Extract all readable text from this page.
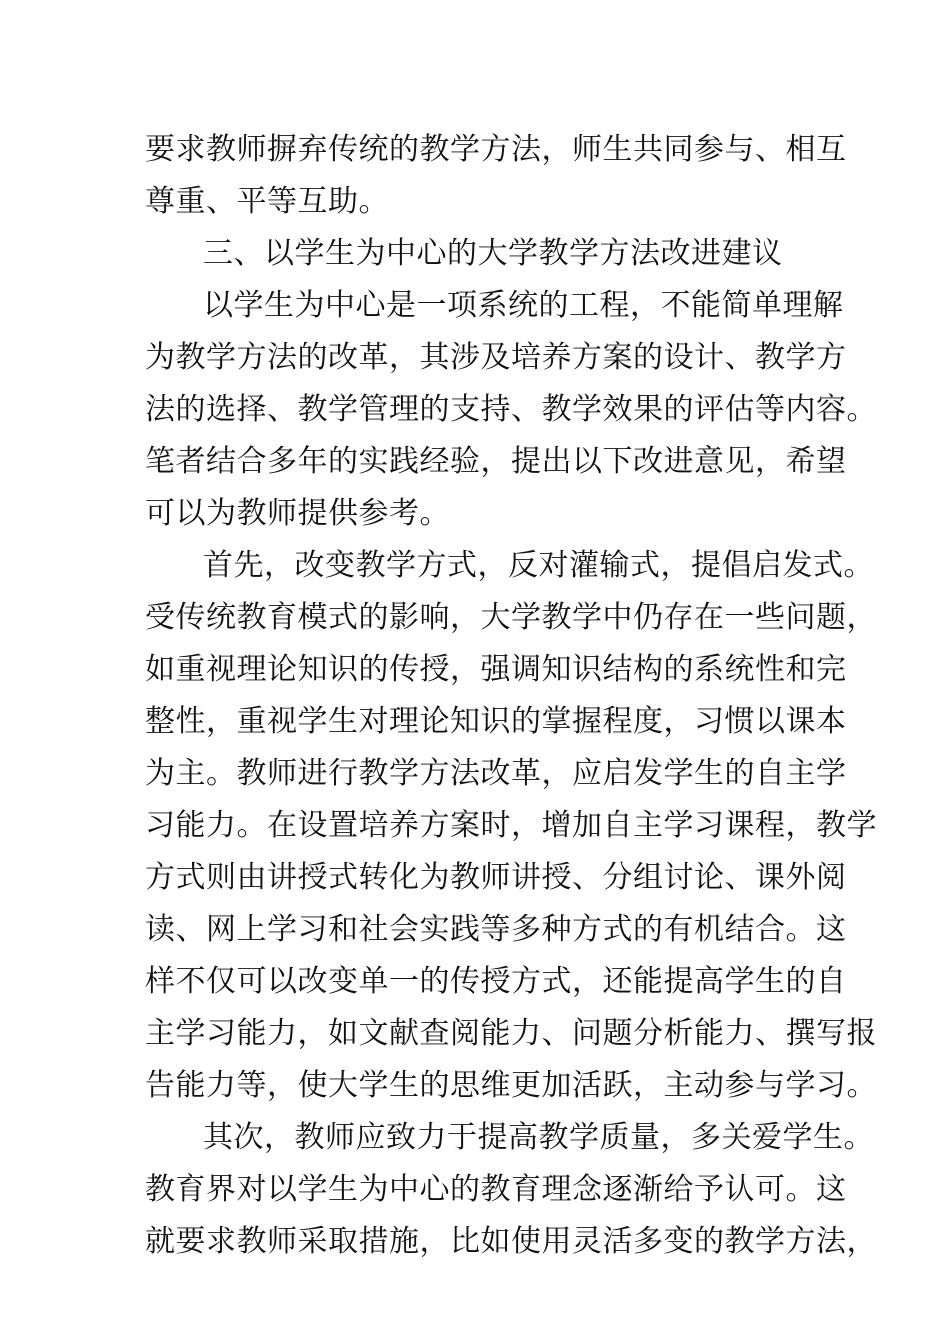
要求教师摒弃传统的教学方法，师生共同参与、相互
尊重、平等互助。
三、以学生为中心的大学教学方法改进建议
以学生为中心是一项系统的工程，不能简单理解
为教学方法的改革，其涉及培养方案的设计、教学方
法的选择、教学管理的支持、教学效果的评估等内容。
笔者结合多年的实践经验，提出以下改进意见，希望
可以为教师提供参考。
首先，改变教学方式，反对灌输式，提倡启发式。
受传统教育模式的影响，大学教学中仍存在一些问题，
如重视理论知识的传授，强调知识结构的系统性和完
整性，重视学生对理论知识的掌握程度，习惯以课本
为主。教师进行教学方法改革，应启发学生的自主学
习能力。在设置培养方案时，增加自主学习课程，教学
方式则由讲授式转化为教师讲授、分组讨论、课外阅
读、网上学习和社会实践等多种方式的有机结合。这
样不仅可以改变单一的传授方式，还能提高学生的自
主学习能力，如文献查阅能力、问题分析能力、撰写报
告能力等，使大学生的思维更加活跃，主动参与学习。
其次，教师应致力于提高教学质量，多关爱学生。
教育界对以学生为中心的教育理念逐渐给予认可。这
就要求教师采取措施，比如使用灵活多变的教学方法，
